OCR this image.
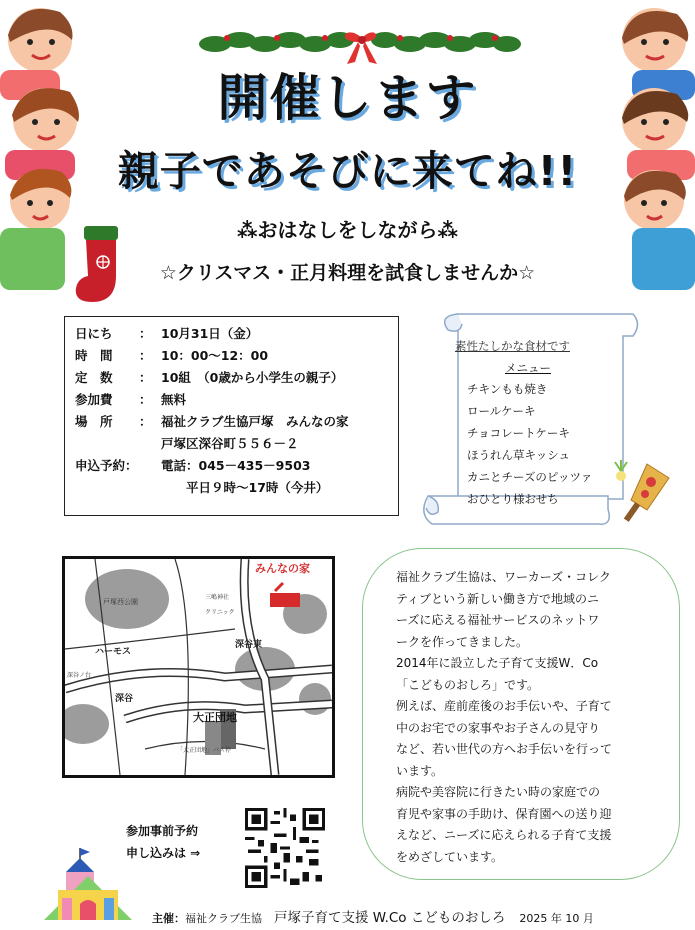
開催します
親子であそびに来てね!!
⁂おはなしをしながら⁂
☆クリスマス・正月料理を試食しませんか☆
日にち	： 10月31日（金）
時　間	： 10：00〜12：00
定　数	： 10組　（0歳から小学生の親子）
参加費	： 無料
場　所	： 福祉クラブ生協戸塚　みんなの家
戸塚区深谷町５５６－２
申込予約：	電話：045－435－9503
平日９時〜17時（今井）
素性たしかな食材です
メニュー
チキンもも焼き
ロールケーキ
チョコレートケーキ
ほうれん草キッシュ
カニとチーズのピッツァ
おひとり様おせち
みんなの家
戸塚西公園
三嶋神社
クリニック
深谷東
ハーモス
深谷
大正団地
「大正団地」バス停
深谷ノ台
福祉クラブ生協は、ワーカーズ・コレク
ティブという新しい働き方で地域のニ
ーズに応える福祉サービスのネットワ
ークを作ってきました。
2014年に設立した子育て支援W．Co
「こどものおしろ」です。
例えば、産前産後のお手伝いや、子育て
中のお宅での家事やお子さんの見守り
など、若い世代の方へお手伝いを行って
います。
病院や美容院に行きたい時の家庭での
育児や家事の手助け、保育園への送り迎
えなど、ニーズに応えられる子育て支援
をめざしています。
参加事前予約
申し込みは ⇒
主催：福祉クラブ生協 戸塚子育て支援 W.Co こどものおしろ 2025 年 10 月
